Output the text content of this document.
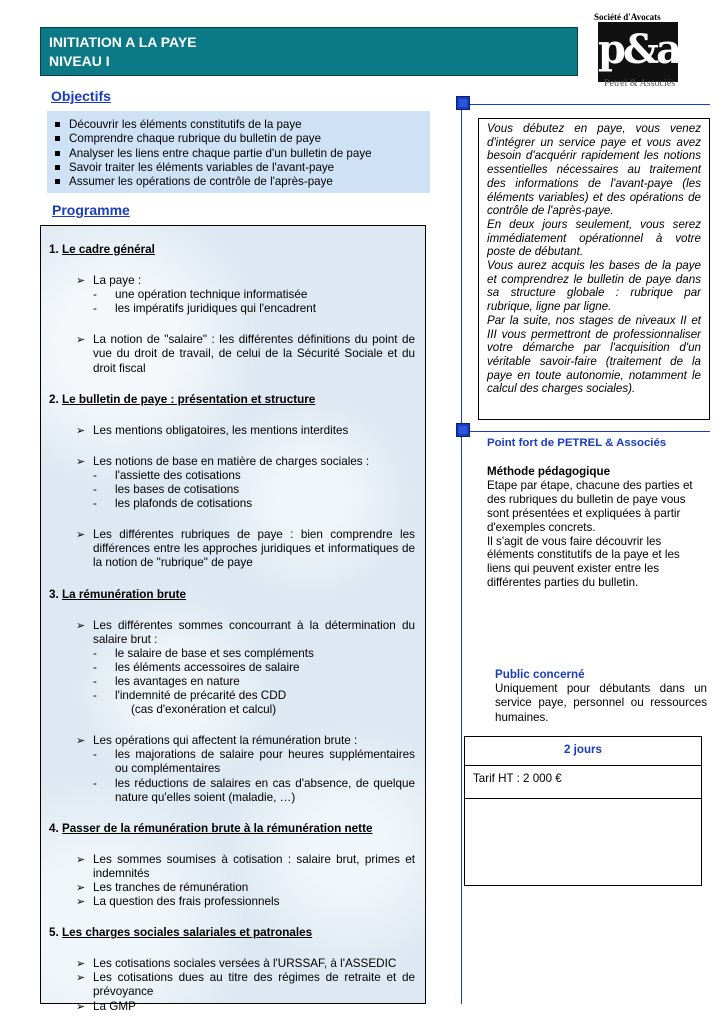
INITIATION A LA PAYE
NIVEAU I
Société d'Avocats
p&a
Petrel & Associés
Objectifs
Découvrir les éléments constitutifs de la paye
Comprendre chaque rubrique du bulletin de paye
Analyser les liens entre chaque partie d'un bulletin de paye
Savoir traiter les éléments variables de l'avant-paye
Assumer les opérations de contrôle de l'après-paye
Programme
1. Le cadre général
➢ La paye :
- une opération technique informatisée
- les impératifs juridiques qui l'encadrent
➢ La notion de "salaire" : les différentes définitions du point de vue du droit de travail, de celui de la Sécurité Sociale et du droit fiscal
2. Le bulletin de paye : présentation et structure
➢ Les mentions obligatoires, les mentions interdites
➢ Les notions de base en matière de charges sociales :
- l'assiette des cotisations
- les bases de cotisations
- les plafonds de cotisations
➢ Les différentes rubriques de paye : bien comprendre les différences entre les approches juridiques et informatiques de la notion de "rubrique" de paye
3. La rémunération brute
➢ Les différentes sommes concourrant à la détermination du salaire brut :
- le salaire de base et ses compléments
- les éléments accessoires de salaire
- les avantages en nature
- l'indemnité de précarité des CDD
(cas d'exonération et calcul)
➢ Les opérations qui affectent la rémunération brute :
- les majorations de salaire pour heures supplémentaires ou complémentaires
- les réductions de salaires en cas d'absence, de quelque nature qu'elles soient (maladie, …)
4. Passer de la rémunération brute à la rémunération nette
➢ Les sommes soumises à cotisation : salaire brut, primes et indemnités
➢ Les tranches de rémunération
➢ La question des frais professionnels
5. Les charges sociales salariales et patronales
➢ Les cotisations sociales versées à l'URSSAF, à l'ASSEDIC
➢ Les cotisations dues au titre des régimes de retraite et de prévoyance
➢ La GMP
Vous débutez en paye, vous venez d'intégrer un service paye et vous avez besoin d'acquérir rapidement les notions essentielles nécessaires au traitement des informations de l'avant-paye (les éléments variables) et des opérations de contrôle de l'après-paye.
En deux jours seulement, vous serez immédiatement opérationnel à votre poste de débutant.
Vous aurez acquis les bases de la paye et comprendrez le bulletin de paye dans sa structure globale : rubrique par rubrique, ligne par ligne.
Par la suite, nos stages de niveaux II et III vous permettront de professionnaliser votre démarche par l'acquisition d'un véritable savoir-faire (traitement de la paye en toute autonomie, notamment le calcul des charges sociales).
Point fort de PETREL & Associés
Méthode pédagogique
Etape par étape, chacune des parties et des rubriques du bulletin de paye vous sont présentées et expliquées à partir d'exemples concrets.
Il s'agit de vous faire découvrir les éléments constitutifs de la paye et les liens qui peuvent exister entre les différentes parties du bulletin.
Public concerné
Uniquement pour débutants dans un service paye, personnel ou ressources humaines.
2 jours
Tarif HT : 2 000 €
